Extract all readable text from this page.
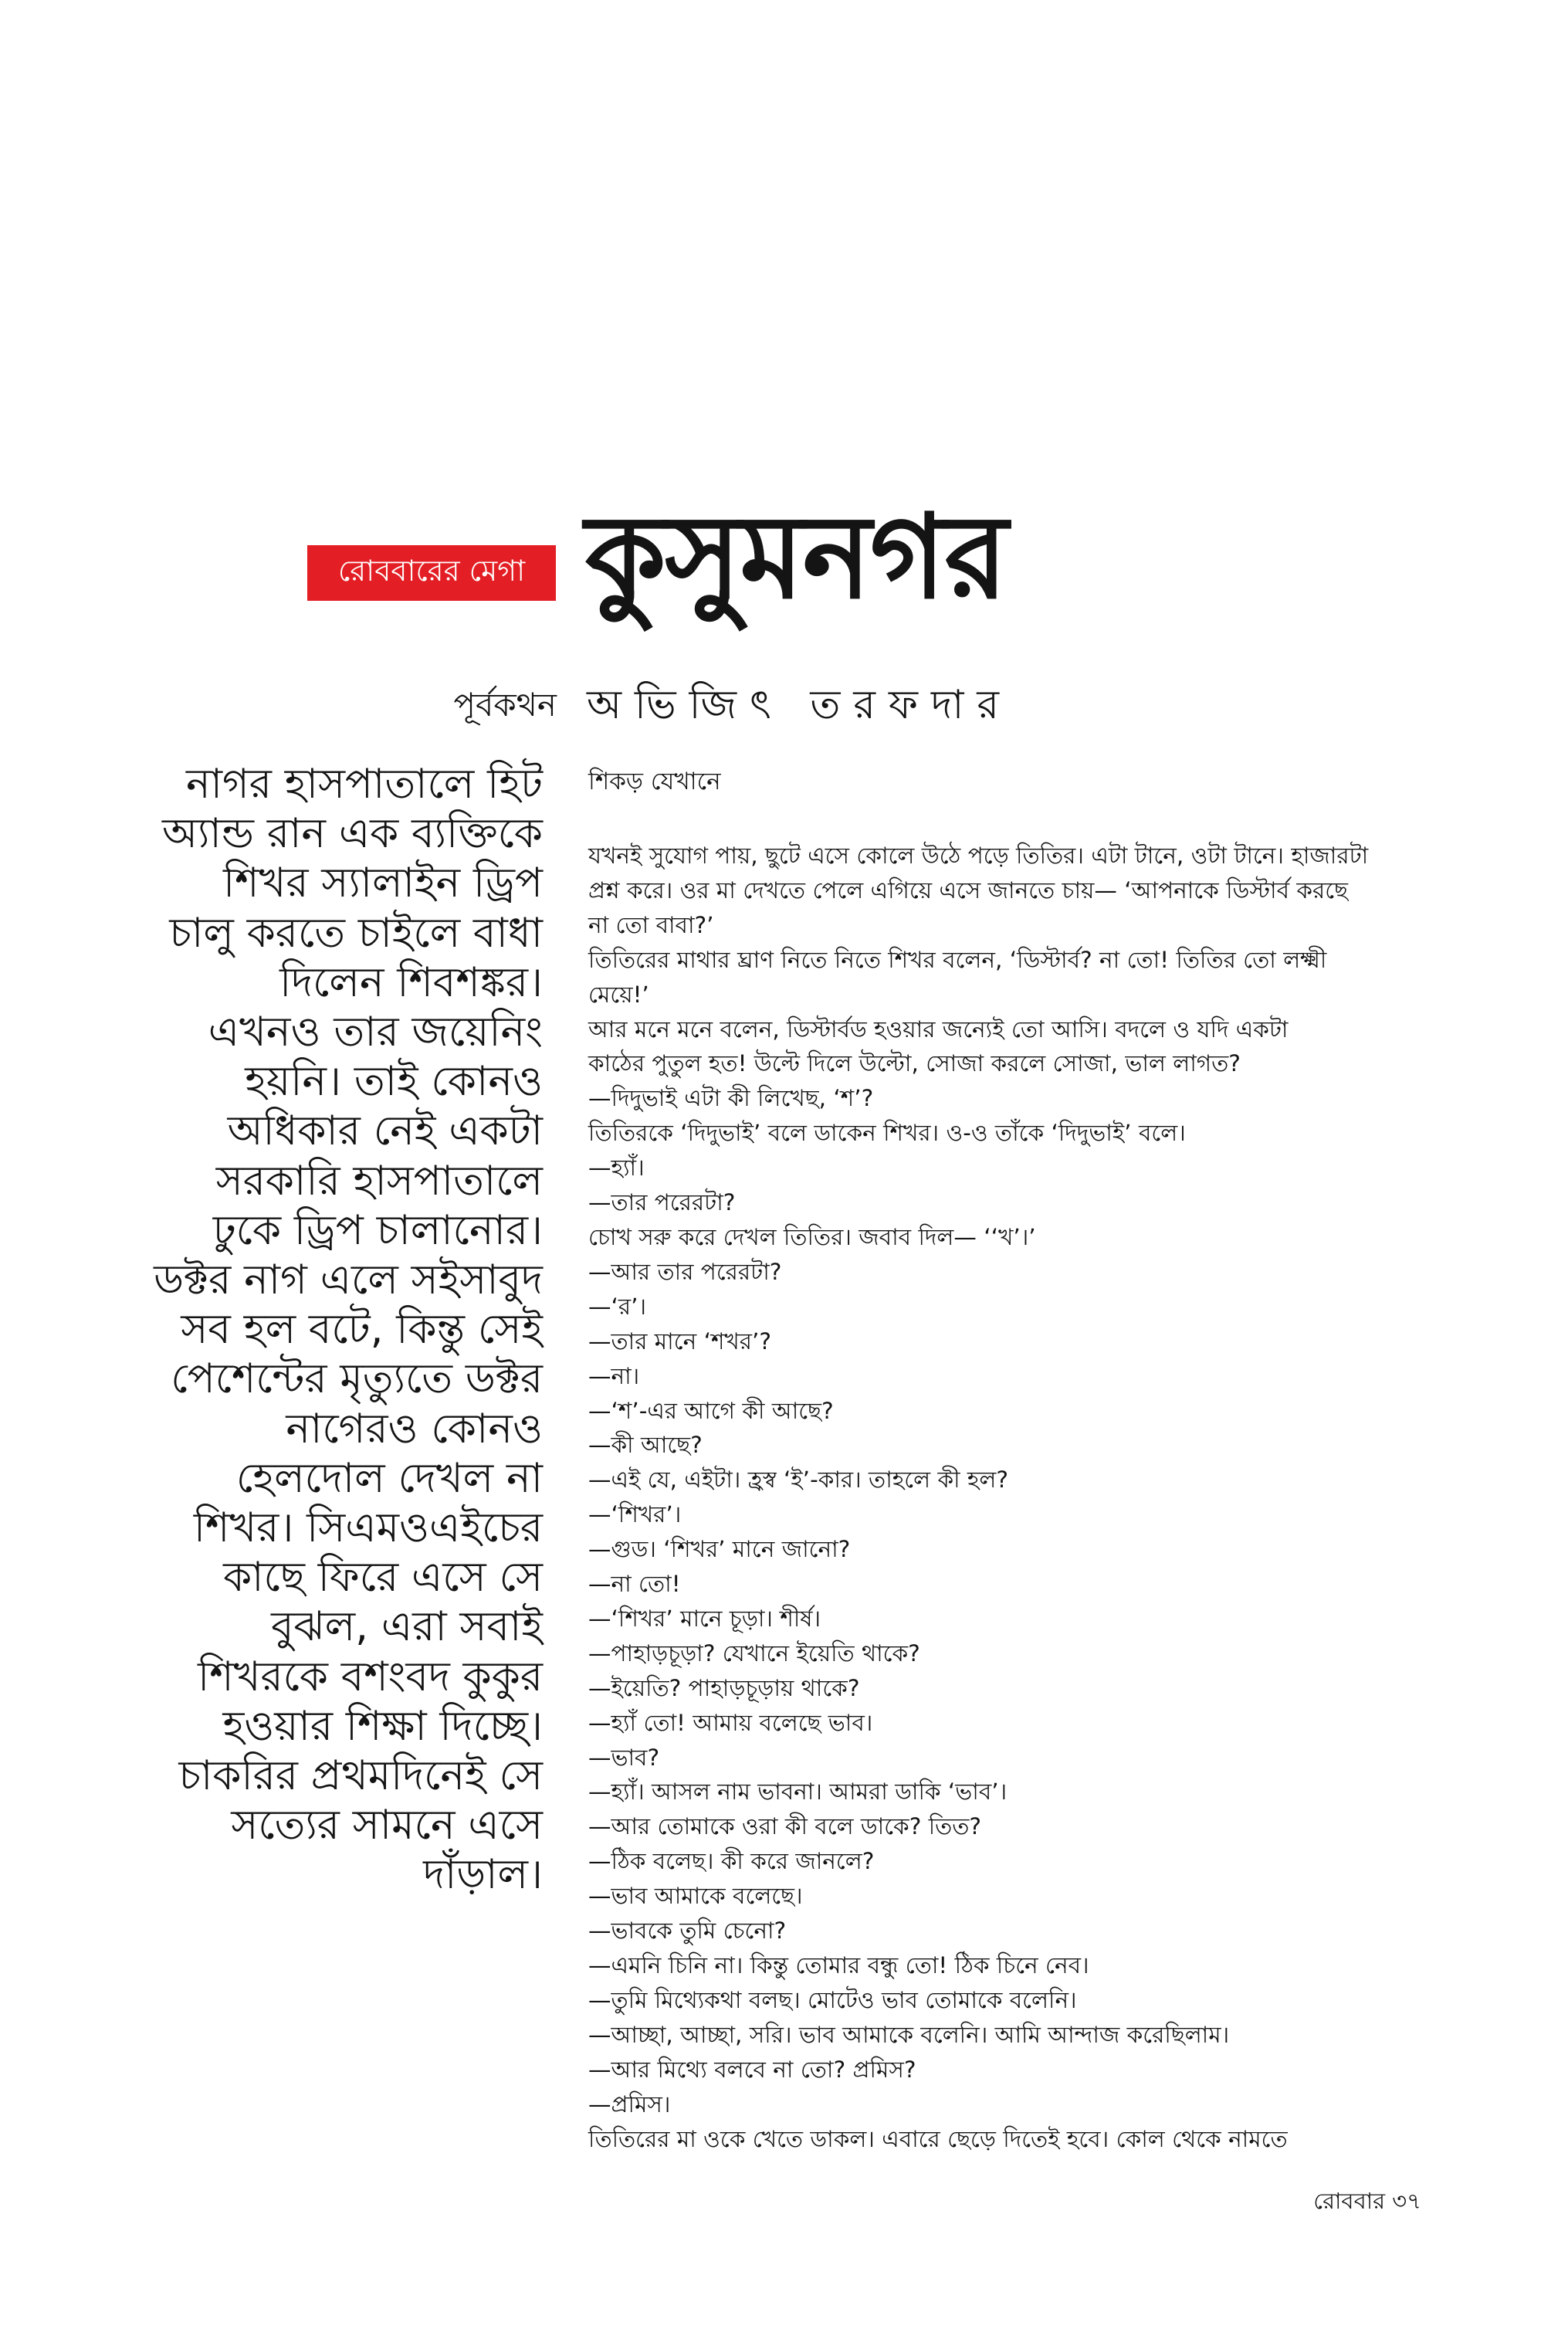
রোববারের মেগা কুসুমনগর
পূর্বকথন অভিজিৎ তরফদার
নাগর হাসপাতালে হিট
অ্যান্ড রান এক ব্যক্তিকে
শিখর স্যালাইন ড্রিপ
চালু করতে চাইলে বাধা
দিলেন শিবশঙ্কর।
এখনও তার জয়েনিং
হয়নি। তাই কোনও
অধিকার নেই একটা
সরকারি হাসপাতালে
ঢুকে ড্রিপ চালানোর।
ডক্টর নাগ এলে সইসাবুদ
সব হল বটে, কিন্তু সেই
পেশেন্টের মৃত্যুতে ডক্টর
নাগেরও কোনও
হেলদোল দেখল না
শিখর। সিএমওএইচের
কাছে ফিরে এসে সে
বুঝল, এরা সবাই
শিখরকে বশংবদ কুকুর
হওয়ার শিক্ষা দিচ্ছে।
চাকরির প্রথমদিনেই সে
সত্যের সামনে এসে
দাঁড়াল।
শিকড় যেখানে
যখনই সুযোগ পায়, ছুটে এসে কোলে উঠে পড়ে তিতির। এটা টানে, ওটা টানে। হাজারটা
প্রশ্ন করে। ওর মা দেখতে পেলে এগিয়ে এসে জানতে চায়— ‘আপনাকে ডিস্টার্ব করছে
না তো বাবা?’
তিতিরের মাথার ঘ্রাণ নিতে নিতে শিখর বলেন, ‘ডিস্টার্ব? না তো! তিতির তো লক্ষ্মী
মেয়ে!’
আর মনে মনে বলেন, ডিস্টার্বড হওয়ার জন্যেই তো আসি। বদলে ও যদি একটা
কাঠের পুতুল হত! উল্টে দিলে উল্টো, সোজা করলে সোজা, ভাল লাগত?
—দিদুভাই এটা কী লিখেছ, ‘শ’?
তিতিরকে ‘দিদুভাই’ বলে ডাকেন শিখর। ও-ও তাঁকে ‘দিদুভাই’ বলে।
—হ্যাঁ।
—তার পরেরটা?
চোখ সরু করে দেখল তিতির। জবাব দিল— ‘‘খ’।’
—আর তার পরেরটা?
—‘র’।
—তার মানে ‘শখর’?
—না।
—‘শ’-এর আগে কী আছে?
—কী আছে?
—এই যে, এইটা। হ্রস্ব ‘ই’-কার। তাহলে কী হল?
—‘শিখর’।
—গুড। ‘শিখর’ মানে জানো?
—না তো!
—‘শিখর’ মানে চূড়া। শীর্ষ।
—পাহাড়চূড়া? যেখানে ইয়েতি থাকে?
—ইয়েতি? পাহাড়চূড়ায় থাকে?
—হ্যাঁ তো! আমায় বলেছে ভাব।
—ভাব?
—হ্যাঁ। আসল নাম ভাবনা। আমরা ডাকি ‘ভাব’।
—আর তোমাকে ওরা কী বলে ডাকে? তিত?
—ঠিক বলেছ। কী করে জানলে?
—ভাব আমাকে বলেছে।
—ভাবকে তুমি চেনো?
—এমনি চিনি না। কিন্তু তোমার বন্ধু তো! ঠিক চিনে নেব।
—তুমি মিথ্যেকথা বলছ। মোটেও ভাব তোমাকে বলেনি।
—আচ্ছা, আচ্ছা, সরি। ভাব আমাকে বলেনি। আমি আন্দাজ করেছিলাম।
—আর মিথ্যে বলবে না তো? প্রমিস?
—প্রমিস।
তিতিরের মা ওকে খেতে ডাকল। এবারে ছেড়ে দিতেই হবে। কোল থেকে নামতে
রোববার ৩৭
